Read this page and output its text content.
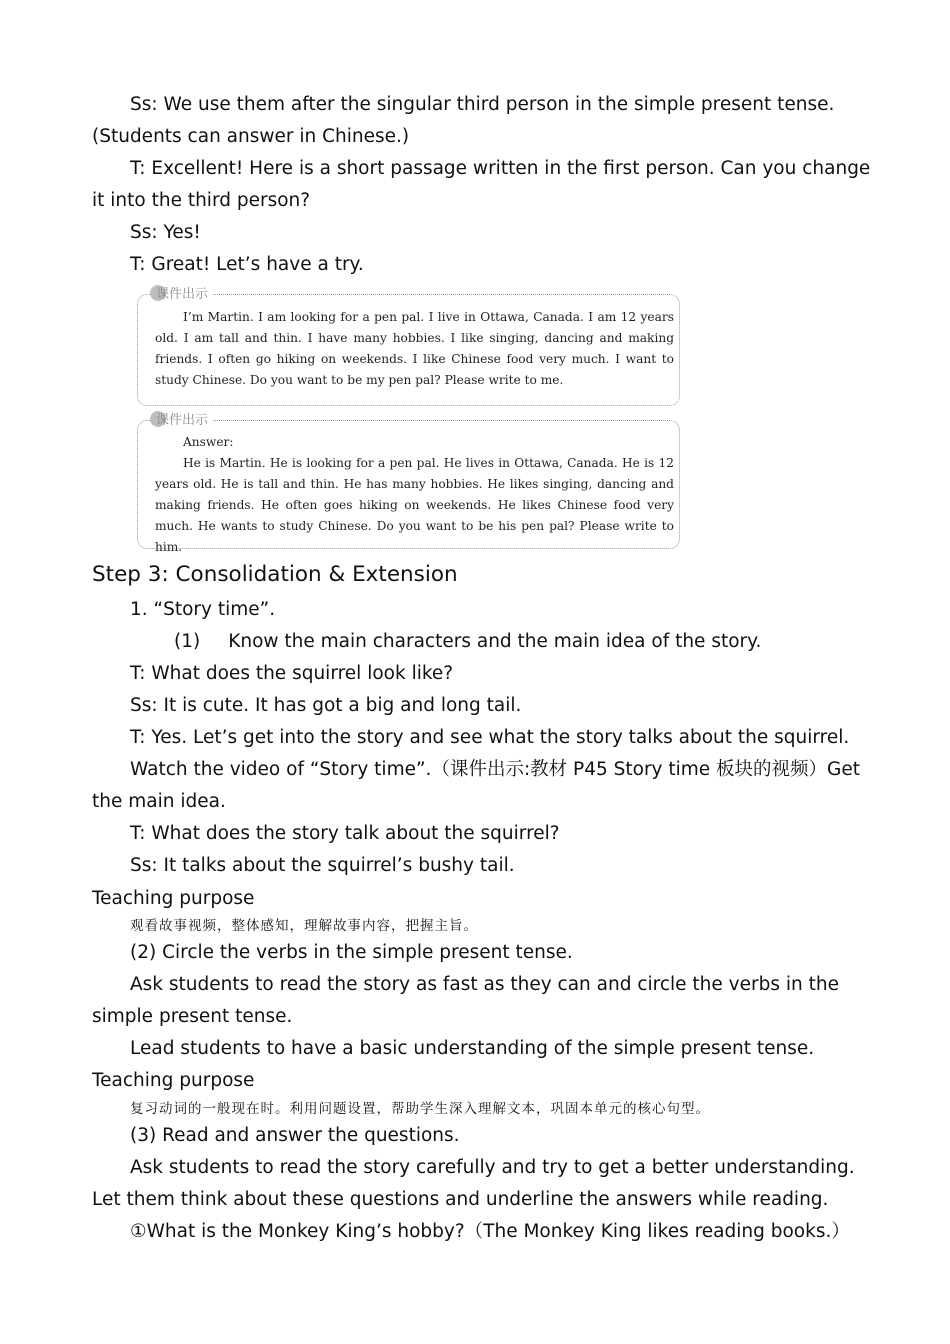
Ss: We use them after the singular third person in the simple present tense.
(Students can answer in Chinese.)
T: Excellent! Here is a short passage written in the first person. Can you change
it into the third person?
Ss: Yes!
T: Great! Let’s have a try.
课件出示

I’m Martin. I am looking for a pen pal. I live in Ottawa, Canada. I am 12 years old. I am tall and thin. I have many hobbies. I like singing, dancing and making friends. I often go hiking on weekends. I like Chinese food very much. I want to study Chinese. Do you want to be my pen pal? Please write to me.

课件出示

Answer:

He is Martin. He is looking for a pen pal. He lives in Ottawa, Canada. He is 12 years old. He is tall and thin. He has many hobbies. He likes singing, dancing and making friends. He often goes hiking on weekends. He likes Chinese food very much. He wants to study Chinese. Do you want to be his pen pal? Please write to him.

Step 3: Consolidation & Extension
1. “Story time”.
(1) Know the main characters and the main idea of the story.
T: What does the squirrel look like?
Ss: It is cute. It has got a big and long tail.
T: Yes. Let’s get into the story and see what the story talks about the squirrel.
Watch the video of “Story time”.（课件出示:教材 P45 Story time 板块的视频）Get
the main idea.
T: What does the story talk about the squirrel?
Ss: It talks about the squirrel’s bushy tail.
Teaching purpose
观看故事视频，整体感知，理解故事内容，把握主旨。
(2) Circle the verbs in the simple present tense.
Ask students to read the story as fast as they can and circle the verbs in the
simple present tense.
Lead students to have a basic understanding of the simple present tense.
Teaching purpose
复习动词的一般现在时。利用问题设置，帮助学生深入理解文本，巩固本单元的核心句型。
(3) Read and answer the questions.
Ask students to read the story carefully and try to get a better understanding.
Let them think about these questions and underline the answers while reading.
①What is the Monkey King’s hobby?（The Monkey King likes reading books.）
